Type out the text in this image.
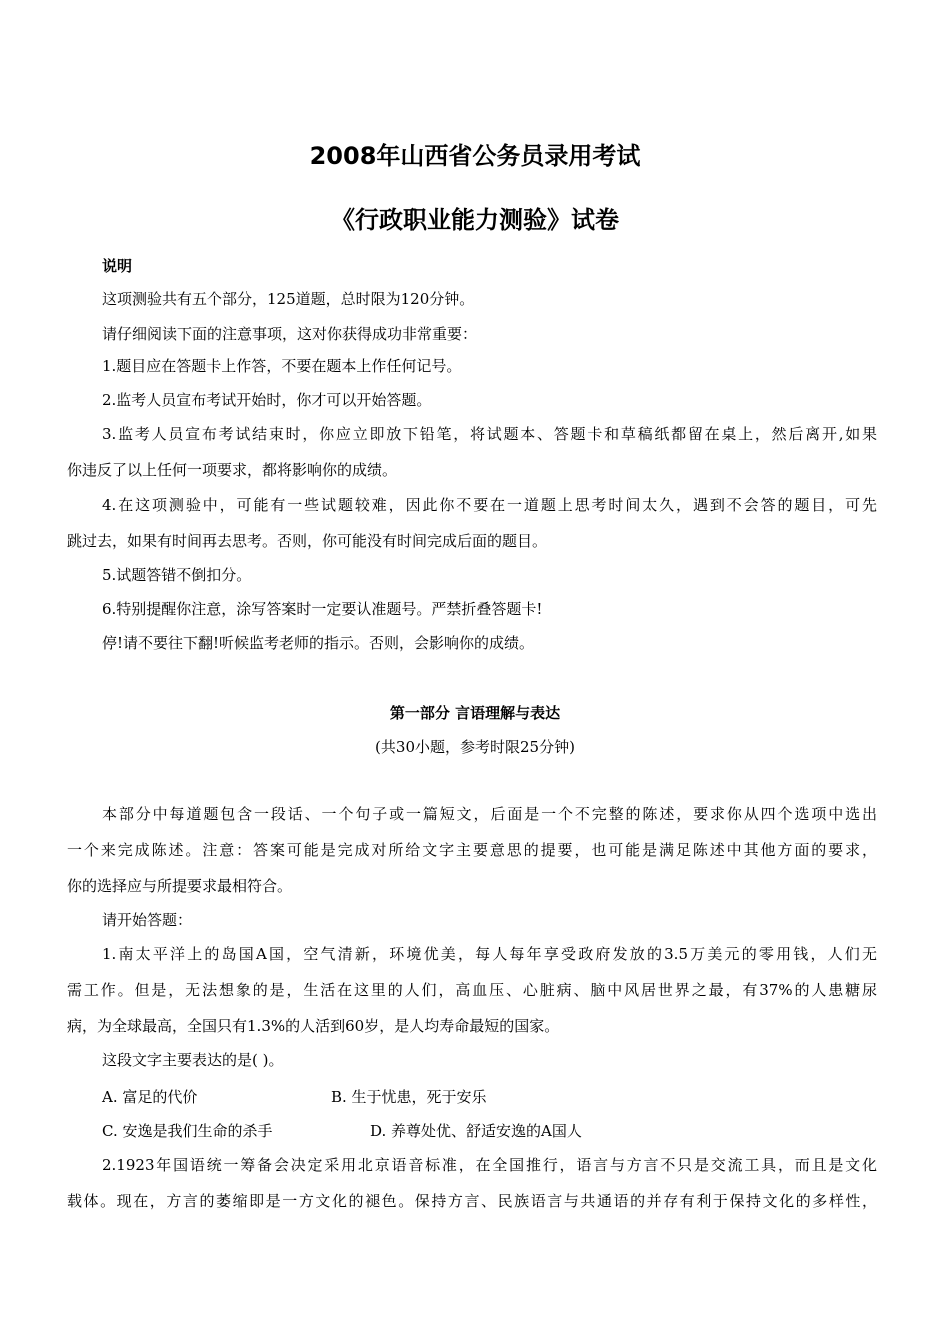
2008年山西省公务员录用考试
《行政职业能力测验》试卷
说明
这项测验共有五个部分，125道题，总时限为120分钟。
请仔细阅读下面的注意事项，这对你获得成功非常重要：
1.题目应在答题卡上作答，不要在题本上作任何记号。
2.监考人员宣布考试开始时，你才可以开始答题。
3.监考人员宣布考试结束时，你应立即放下铅笔，将试题本、答题卡和草稿纸都留在桌上，然后离开,如果
你违反了以上任何一项要求，都将影响你的成绩。
4.在这项测验中，可能有一些试题较难，因此你不要在一道题上思考时间太久，遇到不会答的题目，可先
跳过去，如果有时间再去思考。否则，你可能没有时间完成后面的题目。
5.试题答错不倒扣分。
6.特别提醒你注意，涂写答案时一定要认准题号。严禁折叠答题卡!
停!请不要往下翻!听候监考老师的指示。否则，会影响你的成绩。
第一部分 言语理解与表达
(共30小题，参考时限25分钟)
本部分中每道题包含一段话、一个句子或一篇短文，后面是一个不完整的陈述，要求你从四个选项中选出
一个来完成陈述。注意：答案可能是完成对所给文字主要意思的提要，也可能是满足陈述中其他方面的要求，
你的选择应与所提要求最相符合。
请开始答题：
1.南太平洋上的岛国A国，空气清新，环境优美，每人每年享受政府发放的3.5万美元的零用钱，人们无
需工作。但是，无法想象的是，生活在这里的人们，高血压、心脏病、脑中风居世界之最，有37%的人患糖尿
病，为全球最高，全国只有1.3%的人活到60岁，是人均寿命最短的国家。
这段文字主要表达的是( )。
A. 富足的代价	B. 生于忧患，死于安乐
C. 安逸是我们生命的杀手	D. 养尊处优、舒适安逸的A国人
2.1923年国语统一筹备会决定采用北京语音标准，在全国推行，语言与方言不只是交流工具，而且是文化
载体。现在，方言的萎缩即是一方文化的褪色。保持方言、民族语言与共通语的并存有利于保持文化的多样性，
